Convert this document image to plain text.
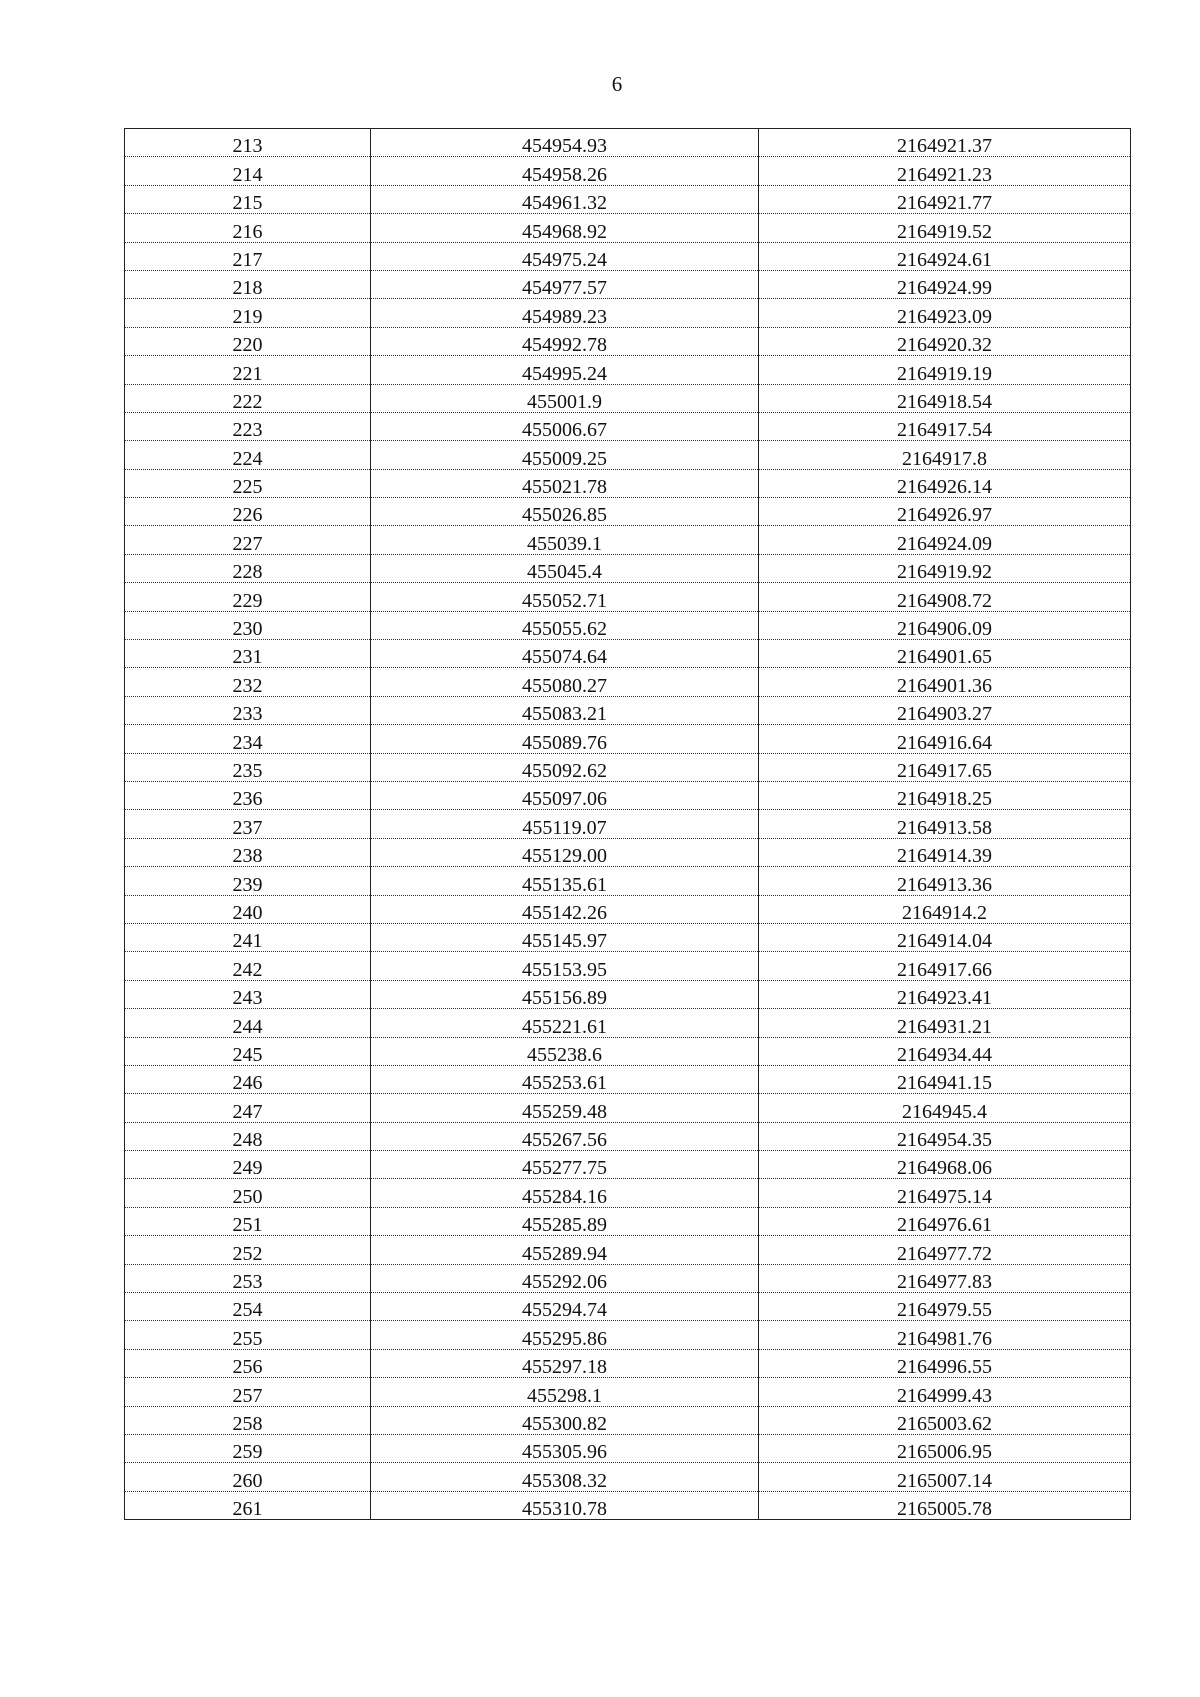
6
213	454954.93	2164921.37
214	454958.26	2164921.23
215	454961.32	2164921.77
216	454968.92	2164919.52
217	454975.24	2164924.61
218	454977.57	2164924.99
219	454989.23	2164923.09
220	454992.78	2164920.32
221	454995.24	2164919.19
222	455001.9	2164918.54
223	455006.67	2164917.54
224	455009.25	2164917.8
225	455021.78	2164926.14
226	455026.85	2164926.97
227	455039.1	2164924.09
228	455045.4	2164919.92
229	455052.71	2164908.72
230	455055.62	2164906.09
231	455074.64	2164901.65
232	455080.27	2164901.36
233	455083.21	2164903.27
234	455089.76	2164916.64
235	455092.62	2164917.65
236	455097.06	2164918.25
237	455119.07	2164913.58
238	455129.00	2164914.39
239	455135.61	2164913.36
240	455142.26	2164914.2
241	455145.97	2164914.04
242	455153.95	2164917.66
243	455156.89	2164923.41
244	455221.61	2164931.21
245	455238.6	2164934.44
246	455253.61	2164941.15
247	455259.48	2164945.4
248	455267.56	2164954.35
249	455277.75	2164968.06
250	455284.16	2164975.14
251	455285.89	2164976.61
252	455289.94	2164977.72
253	455292.06	2164977.83
254	455294.74	2164979.55
255	455295.86	2164981.76
256	455297.18	2164996.55
257	455298.1	2164999.43
258	455300.82	2165003.62
259	455305.96	2165006.95
260	455308.32	2165007.14
261	455310.78	2165005.78
